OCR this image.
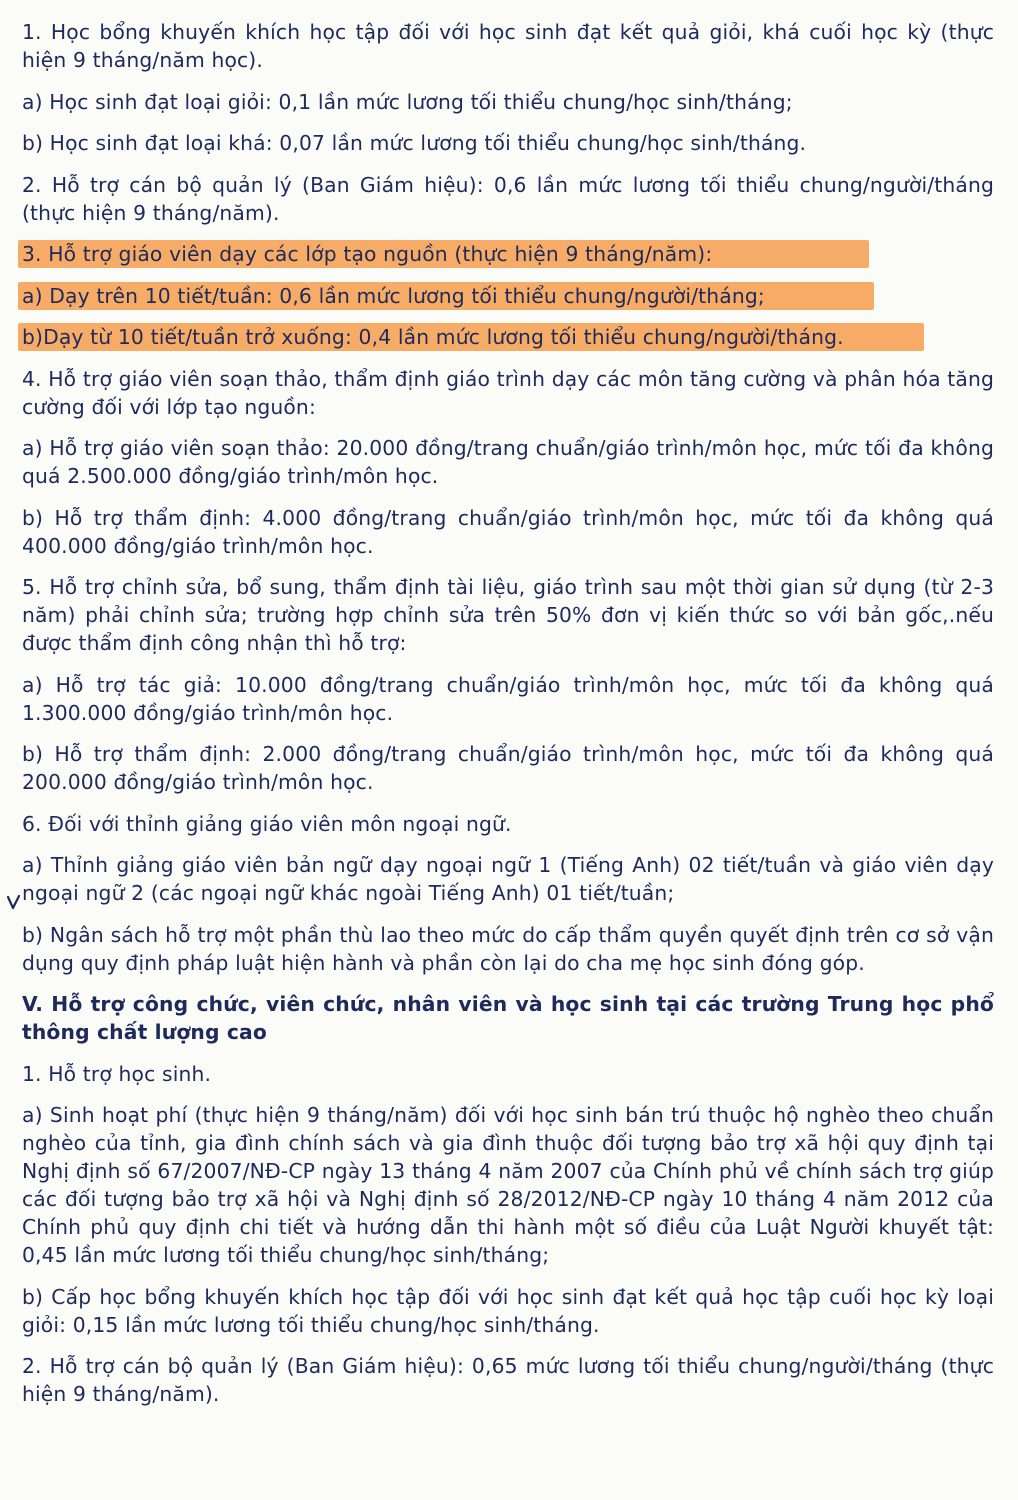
1. Học bổng khuyến khích học tập đối với học sinh đạt kết quả giỏi, khá cuối học kỳ (thực hiện 9 tháng/năm học).

a) Học sinh đạt loại giỏi: 0,1 lần mức lương tối thiểu chung/học sinh/tháng;

b) Học sinh đạt loại khá: 0,07 lần mức lương tối thiểu chung/học sinh/tháng.

2. Hỗ trợ cán bộ quản lý (Ban Giám hiệu): 0,6 lần mức lương tối thiểu chung/người/tháng (thực hiện 9 tháng/năm).

3. Hỗ trợ giáo viên dạy các lớp tạo nguồn (thực hiện 9 tháng/năm):

a) Dạy trên 10 tiết/tuần: 0,6 lần mức lương tối thiểu chung/người/tháng;

b)Dạy từ 10 tiết/tuần trở xuống: 0,4 lần mức lương tối thiểu chung/người/tháng.

4. Hỗ trợ giáo viên soạn thảo, thẩm định giáo trình dạy các môn tăng cường và phân hóa tăng cường đối với lớp tạo nguồn:

a) Hỗ trợ giáo viên soạn thảo: 20.000 đồng/trang chuẩn/giáo trình/môn học, mức tối đa không quá 2.500.000 đồng/giáo trình/môn học.

b) Hỗ trợ thẩm định: 4.000 đồng/trang chuẩn/giáo trình/môn học, mức tối đa không quá 400.000 đồng/giáo trình/môn học.

5. Hỗ trợ chỉnh sửa, bổ sung, thẩm định tài liệu, giáo trình sau một thời gian sử dụng (từ 2-3 năm) phải chỉnh sửa; trường hợp chỉnh sửa trên 50% đơn vị kiến thức so với bản gốc,.nếu được thẩm định công nhận thì hỗ trợ:

a) Hỗ trợ tác giả: 10.000 đồng/trang chuẩn/giáo trình/môn học, mức tối đa không quá 1.300.000 đồng/giáo trình/môn học.

b) Hỗ trợ thẩm định: 2.000 đồng/trang chuẩn/giáo trình/môn học, mức tối đa không quá 200.000 đồng/giáo trình/môn học.

6. Đối với thỉnh giảng giáo viên môn ngoại ngữ.

a) Thỉnh giảng giáo viên bản ngữ dạy ngoại ngữ 1 (Tiếng Anh) 02 tiết/tuần và giáo viên dạy ngoại ngữ 2 (các ngoại ngữ khác ngoài Tiếng Anh) 01 tiết/tuần;

b) Ngân sách hỗ trợ một phần thù lao theo mức do cấp thẩm quyền quyết định trên cơ sở vận dụng quy định pháp luật hiện hành và phần còn lại do cha mẹ học sinh đóng góp.

V. Hỗ trợ công chức, viên chức, nhân viên và học sinh tại các trường Trung học phổ thông chất lượng cao

1. Hỗ trợ học sinh.

a) Sinh hoạt phí (thực hiện 9 tháng/năm) đối với học sinh bán trú thuộc hộ nghèo theo chuẩn nghèo của tỉnh, gia đình chính sách và gia đình thuộc đối tượng bảo trợ xã hội quy định tại Nghị định số 67/2007/NĐ-CP ngày 13 tháng 4 năm 2007 của Chính phủ về chính sách trợ giúp các đối tượng bảo trợ xã hội và Nghị định số 28/2012/NĐ-CP ngày 10 tháng 4 năm 2012 của Chính phủ quy định chi tiết và hướng dẫn thi hành một số điều của Luật Người khuyết tật: 0,45 lần mức lương tối thiểu chung/học sinh/tháng;

b) Cấp học bổng khuyến khích học tập đối với học sinh đạt kết quả học tập cuối học kỳ loại giỏi: 0,15 lần mức lương tối thiểu chung/học sinh/tháng.

2. Hỗ trợ cán bộ quản lý (Ban Giám hiệu): 0,65 mức lương tối thiểu chung/người/tháng (thực hiện 9 tháng/năm).
